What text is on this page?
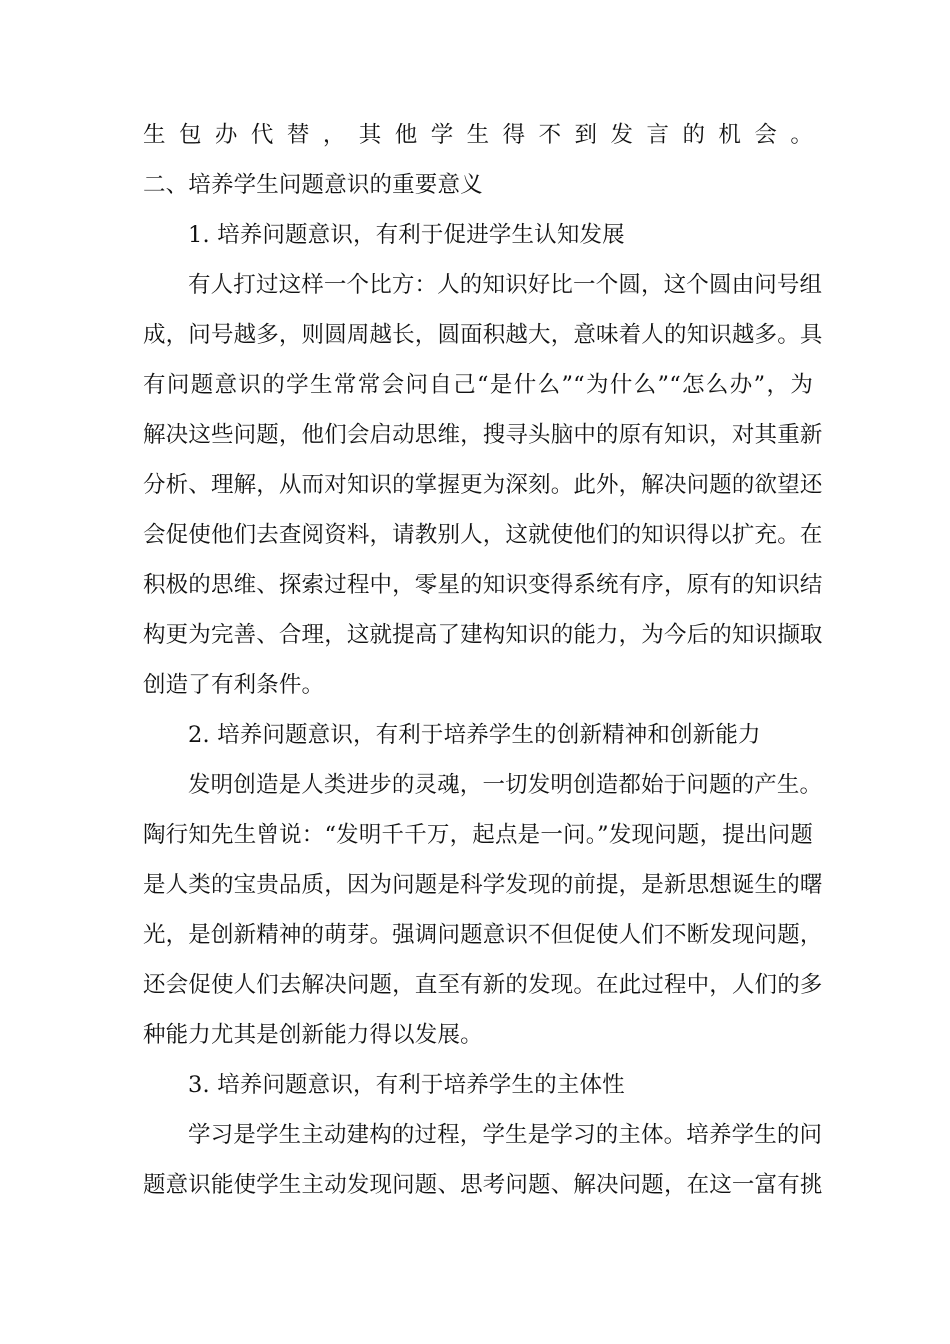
生包办代替，其他学生得不到发言的机会。
二、培养学生问题意识的重要意义
1. 培养问题意识，有利于促进学生认知发展
有人打过这样一个比方：人的知识好比一个圆，这个圆由问号组
成，问号越多，则圆周越长，圆面积越大，意味着人的知识越多。具
有问题意识的学生常常会问自己“是什么”“为什么”“怎么办”，为
解决这些问题，他们会启动思维，搜寻头脑中的原有知识，对其重新
分析、理解，从而对知识的掌握更为深刻。此外，解决问题的欲望还
会促使他们去查阅资料，请教别人，这就使他们的知识得以扩充。在
积极的思维、探索过程中，零星的知识变得系统有序，原有的知识结
构更为完善、合理，这就提高了建构知识的能力，为今后的知识撷取
创造了有利条件。
2. 培养问题意识，有利于培养学生的创新精神和创新能力
发明创造是人类进步的灵魂，一切发明创造都始于问题的产生。
陶行知先生曾说：“发明千千万，起点是一问。”发现问题，提出问题
是人类的宝贵品质，因为问题是科学发现的前提，是新思想诞生的曙
光，是创新精神的萌芽。强调问题意识不但促使人们不断发现问题，
还会促使人们去解决问题，直至有新的发现。在此过程中，人们的多
种能力尤其是创新能力得以发展。
3. 培养问题意识，有利于培养学生的主体性
学习是学生主动建构的过程，学生是学习的主体。培养学生的问
题意识能使学生主动发现问题、思考问题、解决问题，在这一富有挑
